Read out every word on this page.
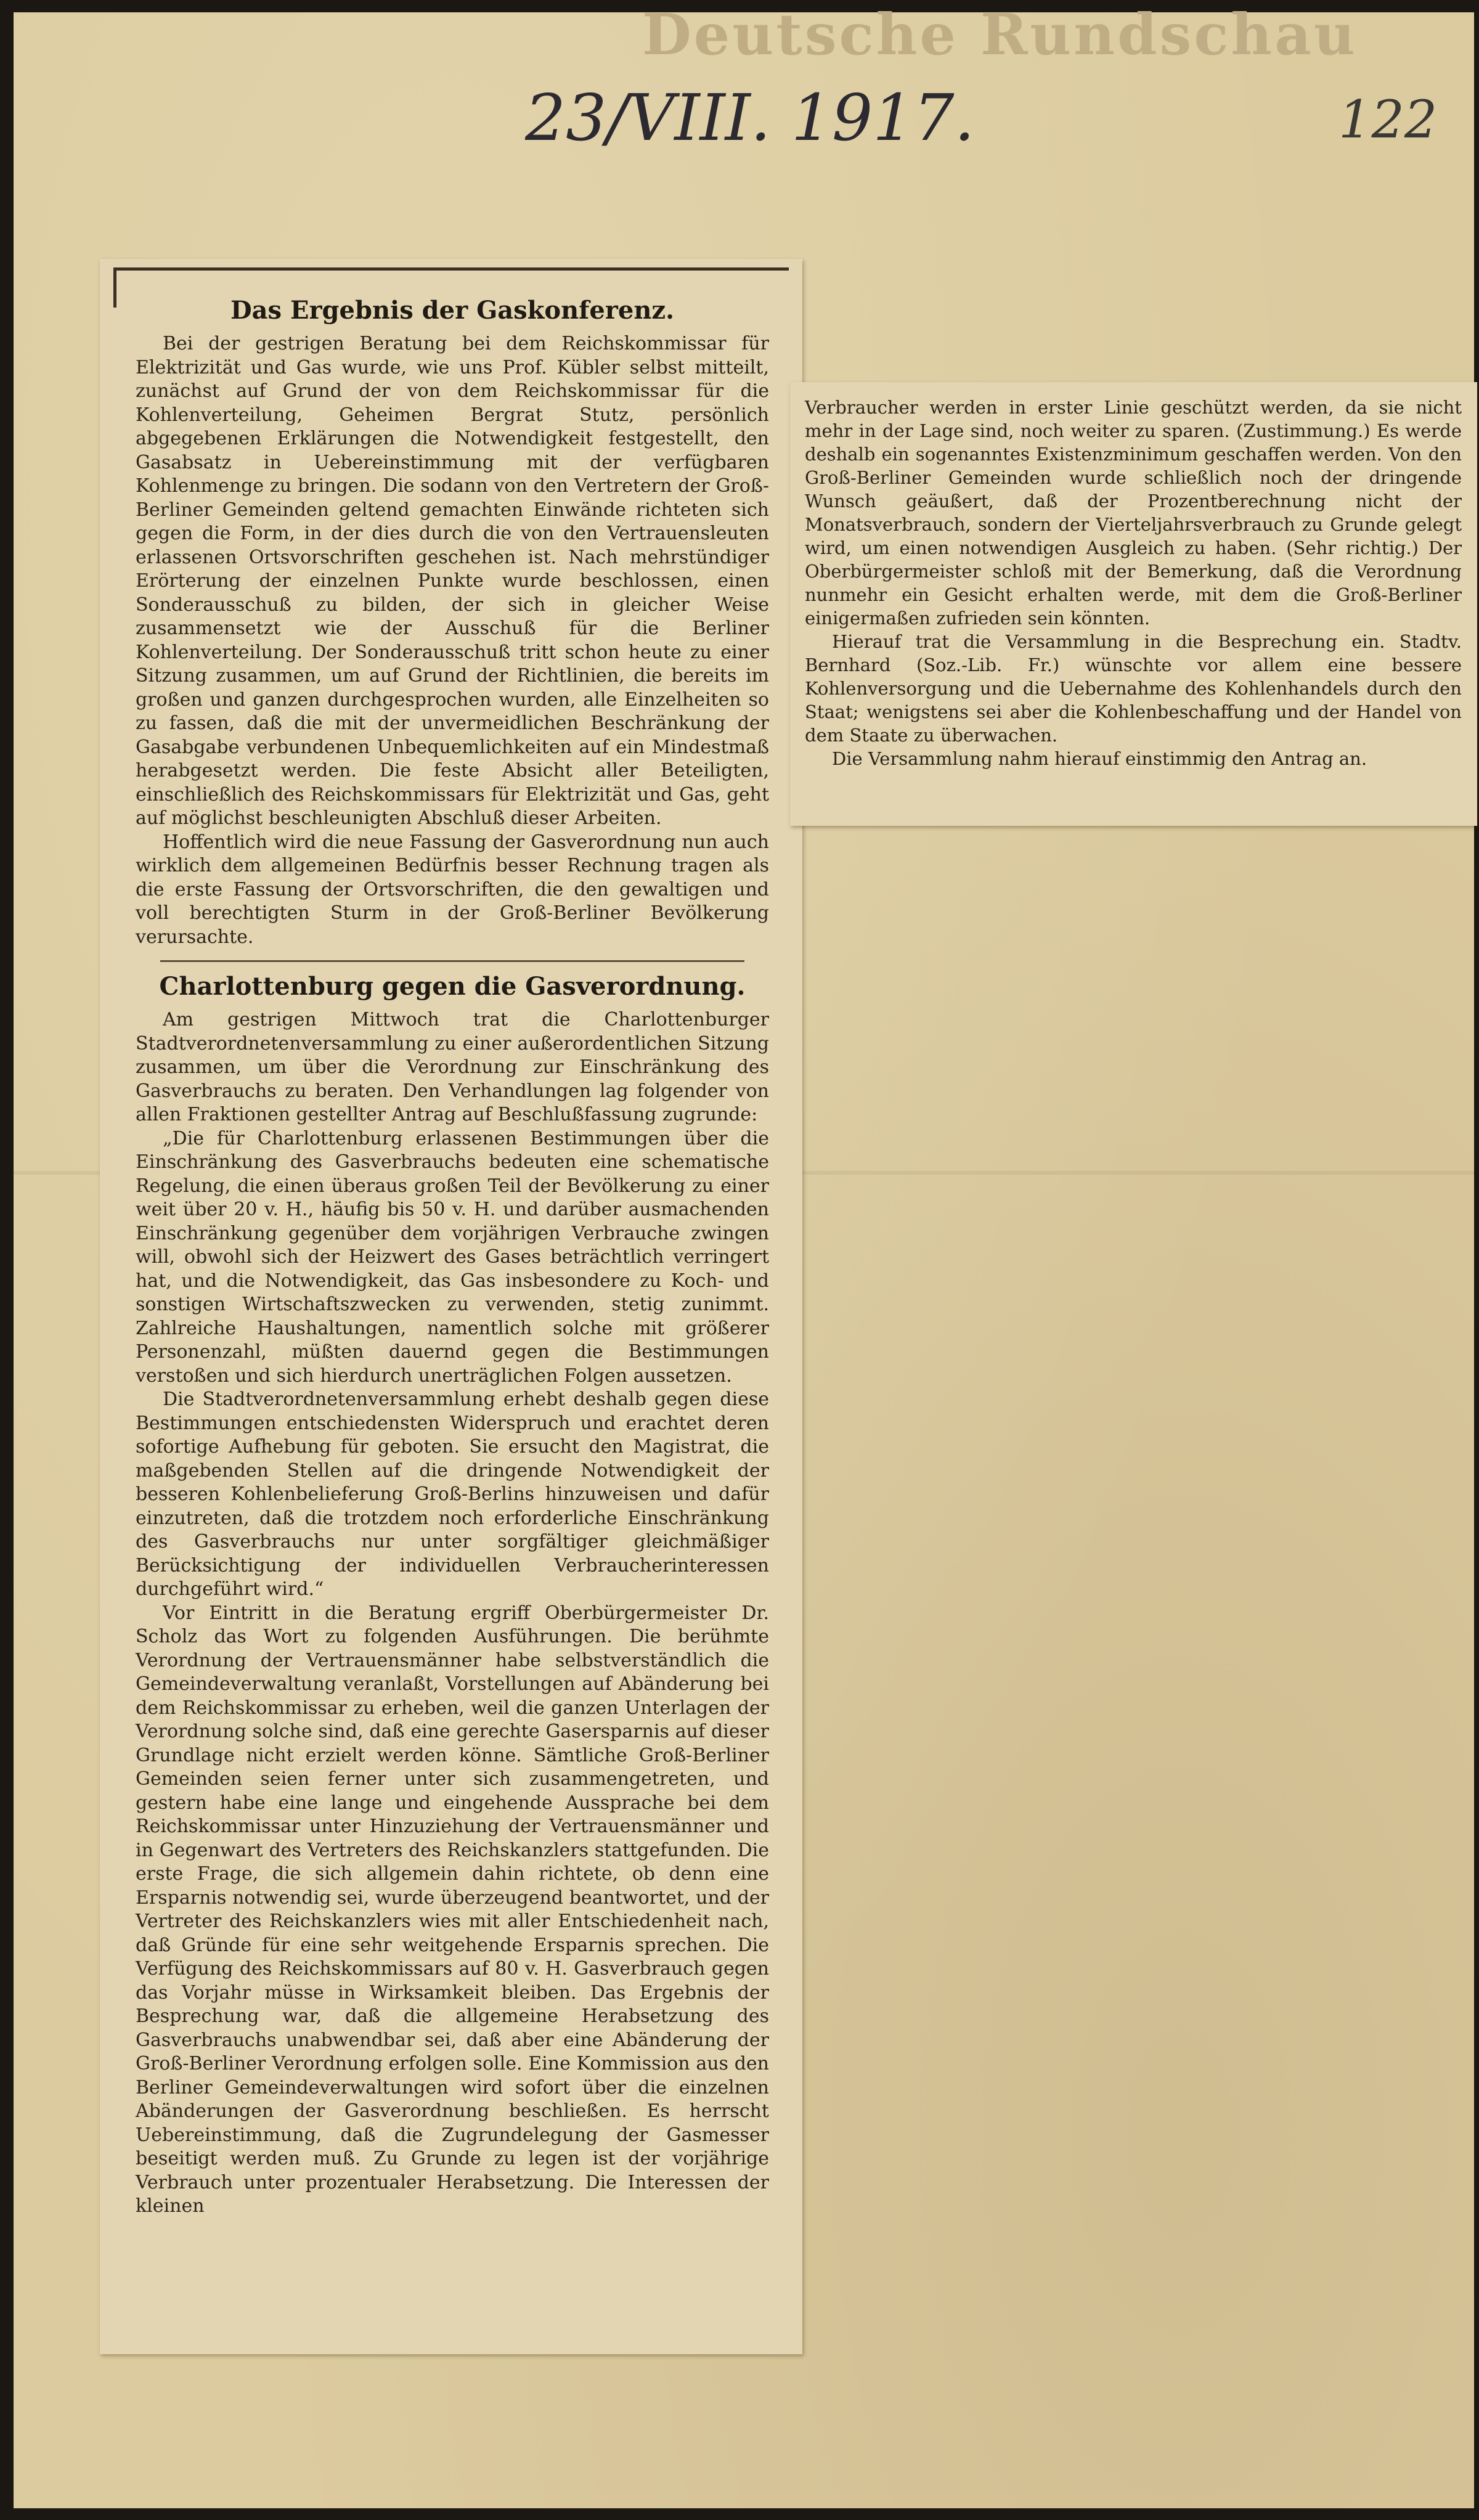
Deutsche Rundschau
23/VIII. 1917.	122
Das Ergebnis der Gaskonferenz.

Bei der gestrigen Beratung bei dem Reichskommissar für Elektrizität und Gas wurde, wie uns Prof. Kübler selbst mitteilt, zunächst auf Grund der von dem Reichskommissar für die Kohlenverteilung, Geheimen Bergrat Stutz, persönlich abgegebenen Erklärungen die Notwendigkeit festgestellt, den Gasabsatz in Uebereinstimmung mit der verfügbaren Kohlenmenge zu bringen. Die sodann von den Vertretern der Groß-Berliner Gemeinden geltend gemachten Einwände richteten sich gegen die Form, in der dies durch die von den Vertrauensleuten erlassenen Ortsvorschriften geschehen ist. Nach mehrstündiger Erörterung der einzelnen Punkte wurde beschlossen, einen Sonderausschuß zu bilden, der sich in gleicher Weise zusammensetzt wie der Ausschuß für die Berliner Kohlenverteilung. Der Sonderausschuß tritt schon heute zu einer Sitzung zusammen, um auf Grund der Richtlinien, die bereits im großen und ganzen durchgesprochen wurden, alle Einzelheiten so zu fassen, daß die mit der unvermeidlichen Beschränkung der Gasabgabe verbundenen Unbequemlichkeiten auf ein Mindestmaß herabgesetzt werden. Die feste Absicht aller Beteiligten, einschließlich des Reichskommissars für Elektrizität und Gas, geht auf möglichst beschleunigten Abschluß dieser Arbeiten.

Hoffentlich wird die neue Fassung der Gasverordnung nun auch wirklich dem allgemeinen Bedürfnis besser Rechnung tragen als die erste Fassung der Ortsvorschriften, die den gewaltigen und voll berechtigten Sturm in der Groß-Berliner Bevölkerung verursachte.

Charlottenburg gegen die Gasverordnung.

Am gestrigen Mittwoch trat die Charlottenburger Stadtverordnetenversammlung zu einer außerordentlichen Sitzung zusammen, um über die Verordnung zur Einschränkung des Gasverbrauchs zu beraten. Den Verhandlungen lag folgender von allen Fraktionen gestellter Antrag auf Beschlußfassung zugrunde:

„Die für Charlottenburg erlassenen Bestimmungen über die Einschränkung des Gasverbrauchs bedeuten eine schematische Regelung, die einen überaus großen Teil der Bevölkerung zu einer weit über 20 v. H., häufig bis 50 v. H. und darüber ausmachenden Einschränkung gegenüber dem vorjährigen Verbrauche zwingen will, obwohl sich der Heizwert des Gases beträchtlich verringert hat, und die Notwendigkeit, das Gas insbesondere zu Koch- und sonstigen Wirtschaftszwecken zu verwenden, stetig zunimmt. Zahlreiche Haushaltungen, namentlich solche mit größerer Personenzahl, müßten dauernd gegen die Bestimmungen verstoßen und sich hierdurch unerträglichen Folgen aussetzen.

Die Stadtverordnetenversammlung erhebt deshalb gegen diese Bestimmungen entschiedensten Widerspruch und erachtet deren sofortige Aufhebung für geboten. Sie ersucht den Magistrat, die maßgebenden Stellen auf die dringende Notwendigkeit der besseren Kohlenbelieferung Groß-Berlins hinzuweisen und dafür einzutreten, daß die trotzdem noch erforderliche Einschränkung des Gasverbrauchs nur unter sorgfältiger gleichmäßiger Berücksichtigung der individuellen Verbraucherinteressen durchgeführt wird.“

Vor Eintritt in die Beratung ergriff Oberbürgermeister Dr. Scholz das Wort zu folgenden Ausführungen. Die berühmte Verordnung der Vertrauensmänner habe selbstverständlich die Gemeindeverwaltung veranlaßt, Vorstellungen auf Abänderung bei dem Reichskommissar zu erheben, weil die ganzen Unterlagen der Verordnung solche sind, daß eine gerechte Gasersparnis auf dieser Grundlage nicht erzielt werden könne. Sämtliche Groß-Berliner Gemeinden seien ferner unter sich zusammengetreten, und gestern habe eine lange und eingehende Aussprache bei dem Reichskommissar unter Hinzuziehung der Vertrauensmänner und in Gegenwart des Vertreters des Reichskanzlers stattgefunden. Die erste Frage, die sich allgemein dahin richtete, ob denn eine Ersparnis notwendig sei, wurde überzeugend beantwortet, und der Vertreter des Reichskanzlers wies mit aller Entschiedenheit nach, daß Gründe für eine sehr weitgehende Ersparnis sprechen. Die Verfügung des Reichskommissars auf 80 v. H. Gasverbrauch gegen das Vorjahr müsse in Wirksamkeit bleiben. Das Ergebnis der Besprechung war, daß die allgemeine Herabsetzung des Gasverbrauchs unabwendbar sei, daß aber eine Abänderung der Groß-Berliner Verordnung erfolgen solle. Eine Kommission aus den Berliner Gemeindeverwaltungen wird sofort über die einzelnen Abänderungen der Gasverordnung beschließen. Es herrscht Uebereinstimmung, daß die Zugrundelegung der Gasmesser beseitigt werden muß. Zu Grunde zu legen ist der vorjährige Verbrauch unter prozentualer Herabsetzung. Die Interessen der kleinen

Verbraucher werden in erster Linie geschützt werden, da sie nicht mehr in der Lage sind, noch weiter zu sparen. (Zustimmung.) Es werde deshalb ein sogenanntes Existenzminimum geschaffen werden. Von den Groß-Berliner Gemeinden wurde schließlich noch der dringende Wunsch geäußert, daß der Prozentberechnung nicht der Monatsverbrauch, sondern der Vierteljahrsverbrauch zu Grunde gelegt wird, um einen notwendigen Ausgleich zu haben. (Sehr richtig.) Der Oberbürgermeister schloß mit der Bemerkung, daß die Verordnung nunmehr ein Gesicht erhalten werde, mit dem die Groß-Berliner einigermaßen zufrieden sein könnten.

Hierauf trat die Versammlung in die Besprechung ein. Stadtv. Bernhard (Soz.-Lib. Fr.) wünschte vor allem eine bessere Kohlenversorgung und die Uebernahme des Kohlenhandels durch den Staat; wenigstens sei aber die Kohlenbeschaffung und der Handel von dem Staate zu überwachen.

Die Versammlung nahm hierauf einstimmig den Antrag an.
